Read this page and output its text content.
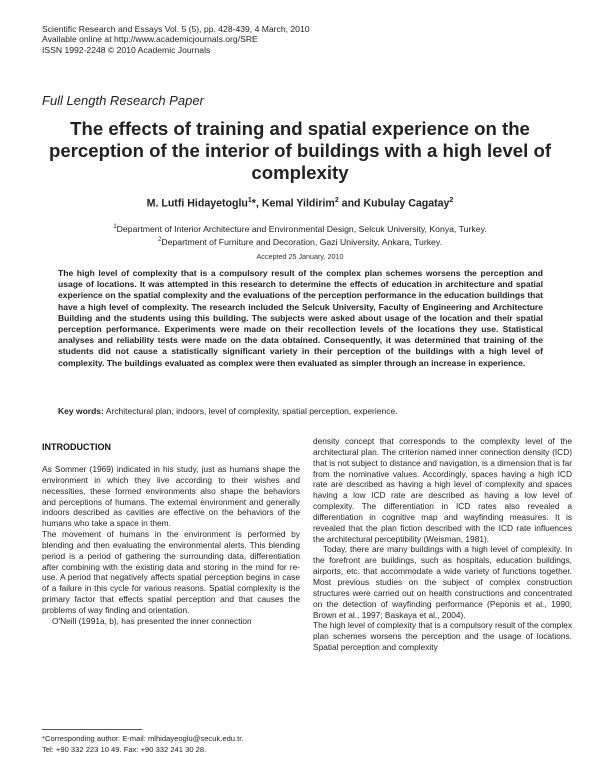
Scientific Research and Essays Vol. 5 (5), pp. 428-439, 4 March, 2010
Available online at http://www.academicjournals.org/SRE
ISSN 1992-2248 © 2010 Academic Journals
Full Length Research Paper
The effects of training and spatial experience on the perception of the interior of buildings with a high level of complexity
M. Lutfi Hidayetoglu$^1$*, Kemal Yildirim$^2$ and Kubulay Cagatay$^2$
$^1$Department of Interior Architecture and Environmental Design, Selcuk University, Konya, Turkey.
$^2$Department of Furniture and Decoration, Gazi University, Ankara, Turkey.
Accepted 25 January, 2010
The high level of complexity that is a compulsory result of the complex plan schemes worsens the perception and usage of locations. It was attempted in this research to determine the effects of education in architecture and spatial experience on the spatial complexity and the evaluations of the perception performance in the education buildings that have a high level of complexity. The research included the Selcuk University, Faculty of Engineering and Architecture Building and the students using this building. The subjects were asked about usage of the location and their spatial perception performance. Experiments were made on their recollection levels of the locations they use. Statistical analyses and reliability tests were made on the data obtained. Consequently, it was determined that training of the students did not cause a statistically significant variety in their perception of the buildings with a high level of complexity. The buildings evaluated as complex were then evaluated as simpler through an increase in experience.
Key words: Architectural plan, indoors, level of complexity, spatial perception, experience.
INTRODUCTION

As Sommer (1969) indicated in his study, just as humans shape the environment in which they live according to their wishes and necessities, these formed environments also shape the behaviors and perceptions of humans. The external environment and generally indoors described as cavities are effective on the behaviors of the humans who take a space in them.

The movement of humans in the environment is performed by blending and then evaluating the environmental alerts. This blending period is a period of gathering the surrounding data, differentiation after combining with the existing data and storing in the mind for re-use. A period that negatively affects spatial perception begins in case of a failure in this cycle for various reasons. Spatial complexity is the primary factor that effects spatial perception and that causes the problems of way finding and orientation.

O'Neill (1991a, b), has presented the inner connection

density concept that corresponds to the complexity level of the architectural plan. The criterion named inner connection density (ICD) that is not subject to distance and navigation, is a dimension that is far from the nominative values. Accordingly, spaces having a high ICD rate are described as having a high level of complexity and spaces having a low ICD rate are described as having a low level of complexity. The differentiation in ICD rates also revealed a differentiation in cognitive map and wayfinding measures. It is revealed that the plan fiction described with the ICD rate influences the architectural perceptibility (Weisman, 1981).

Today, there are many buildings with a high level of complexity. In the forefront are buildings, such as hospitals, education buildings, airports, etc. that accommodate a wide variety of functions together. Most previous studies on the subject of complex construction structures were carried out on health constructions and concentrated on the detection of wayfinding performance (Peponis et al., 1990; Brown et al., 1997; Baskaya et al., 2004).

The high level of complexity that is a compulsory result of the complex plan schemes worsens the perception and the usage of locations. Spatial perception and complexity

*Corresponding author. E-mail: mlhidayeoglu@secuk.edu.tr.
Tel: +90 332 223 10 49. Fax: +90 332 241 30 28.
